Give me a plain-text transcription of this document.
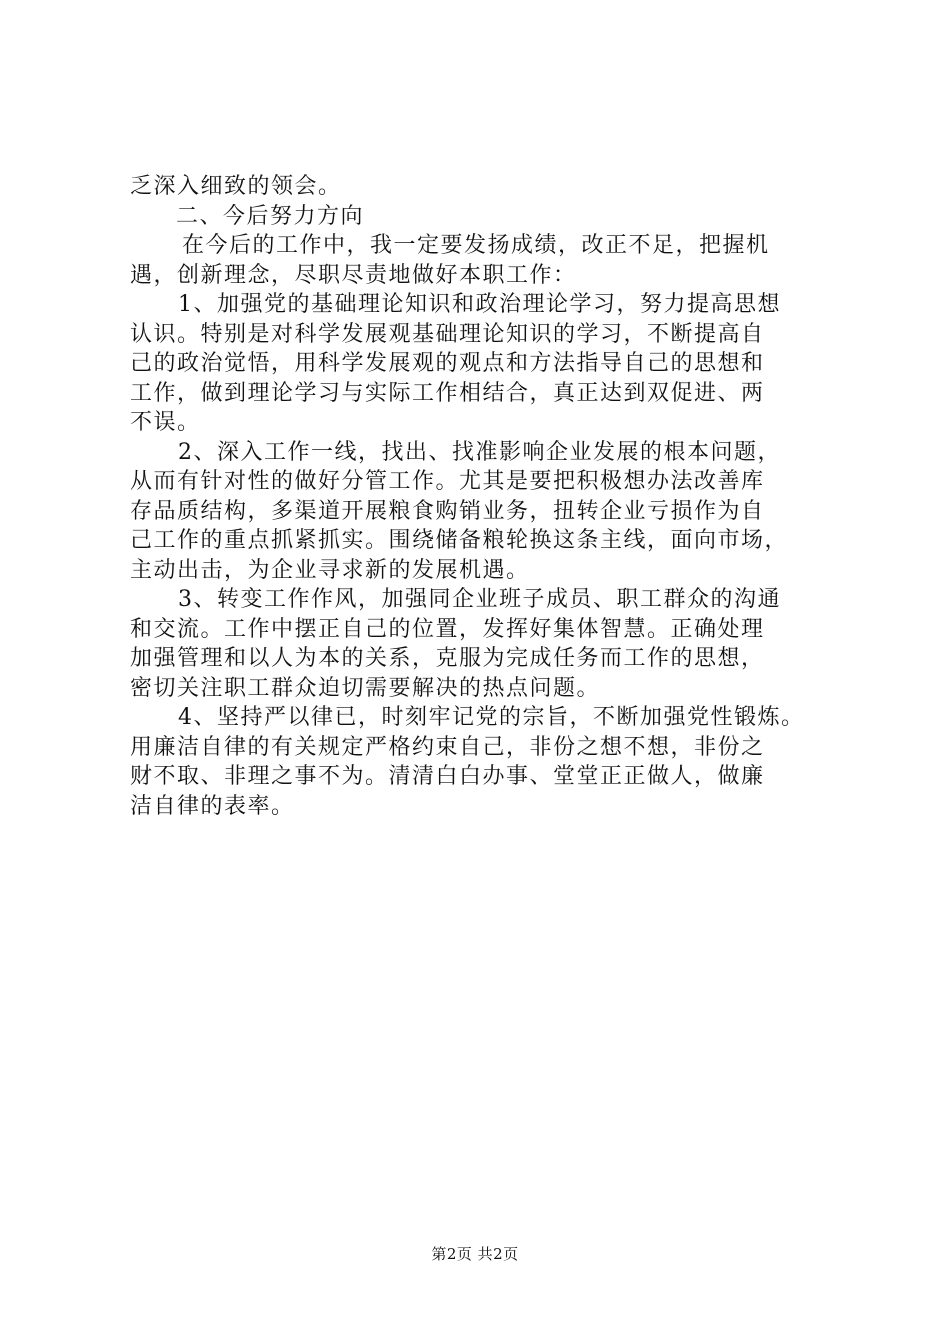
乏深入细致的领会。
二、今后努力方向
在今后的工作中，我一定要发扬成绩，改正不足，把握机
遇，创新理念，尽职尽责地做好本职工作：
1、加强党的基础理论知识和政治理论学习，努力提高思想
认识。特别是对科学发展观基础理论知识的学习，不断提高自
己的政治觉悟，用科学发展观的观点和方法指导自己的思想和
工作，做到理论学习与实际工作相结合，真正达到双促进、两
不误。
2、深入工作一线，找出、找准影响企业发展的根本问题，
从而有针对性的做好分管工作。尤其是要把积极想办法改善库
存品质结构，多渠道开展粮食购销业务，扭转企业亏损作为自
己工作的重点抓紧抓实。围绕储备粮轮换这条主线，面向市场，
主动出击，为企业寻求新的发展机遇。
3、转变工作作风，加强同企业班子成员、职工群众的沟通
和交流。工作中摆正自己的位置，发挥好集体智慧。正确处理
加强管理和以人为本的关系，克服为完成任务而工作的思想，
密切关注职工群众迫切需要解决的热点问题。
4、坚持严以律已，时刻牢记党的宗旨，不断加强党性锻炼。
用廉洁自律的有关规定严格约束自己，非份之想不想，非份之
财不取、非理之事不为。清清白白办事、堂堂正正做人，做廉
洁自律的表率。
第2页 共2页
